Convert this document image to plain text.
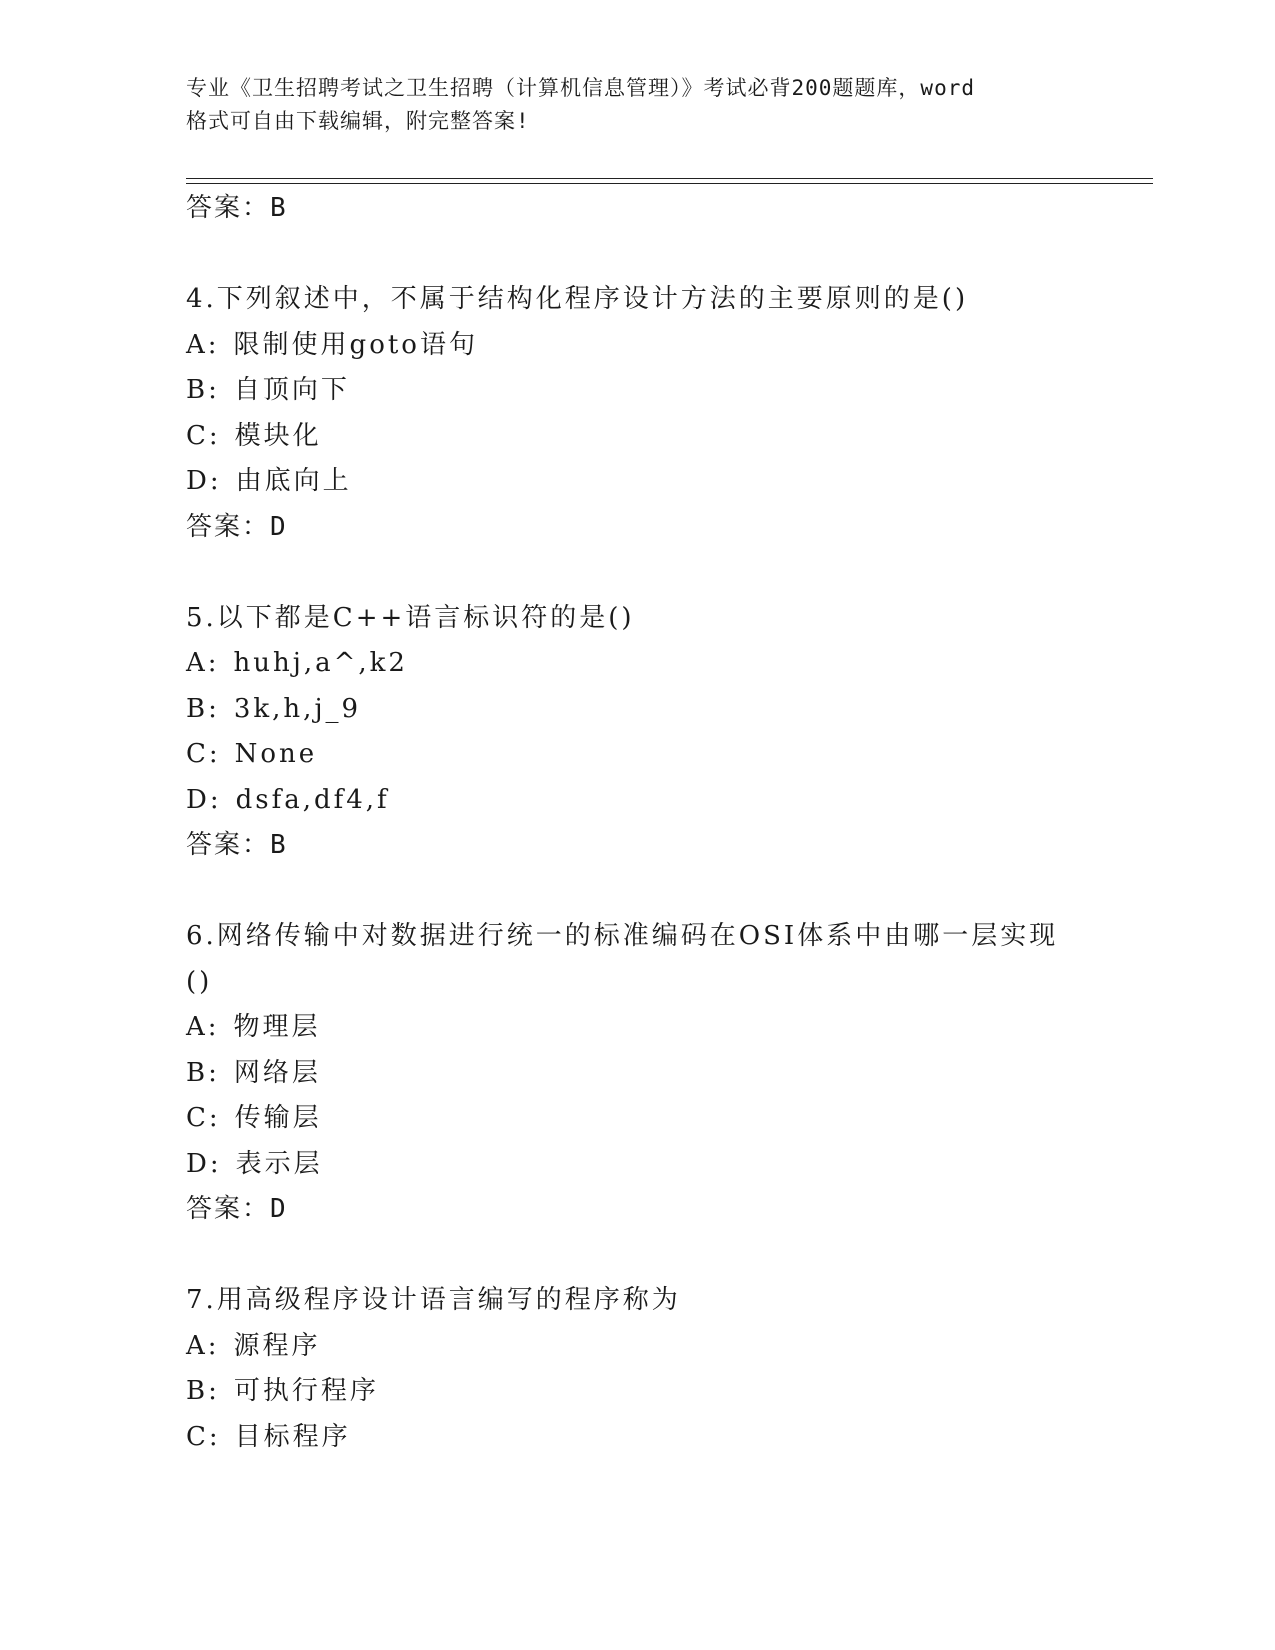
专业《卫生招聘考试之卫生招聘（计算机信息管理）》考试必背200题题库，word
格式可自由下载编辑，附完整答案!
答案：B
4.下列叙述中，不属于结构化程序设计方法的主要原则的是()
A: 限制使用goto语句
B: 自顶向下
C: 模块化
D: 由底向上
答案：D
5.以下都是C++语言标识符的是()
A: huhj,a^,k2
B: 3k,h,j_9
C: None
D: dsfa,df4,f
答案：B
6.网络传输中对数据进行统一的标准编码在OSI体系中由哪一层实现
()
A: 物理层
B: 网络层
C: 传输层
D: 表示层
答案：D
7.用高级程序设计语言编写的程序称为
A: 源程序
B: 可执行程序
C: 目标程序
